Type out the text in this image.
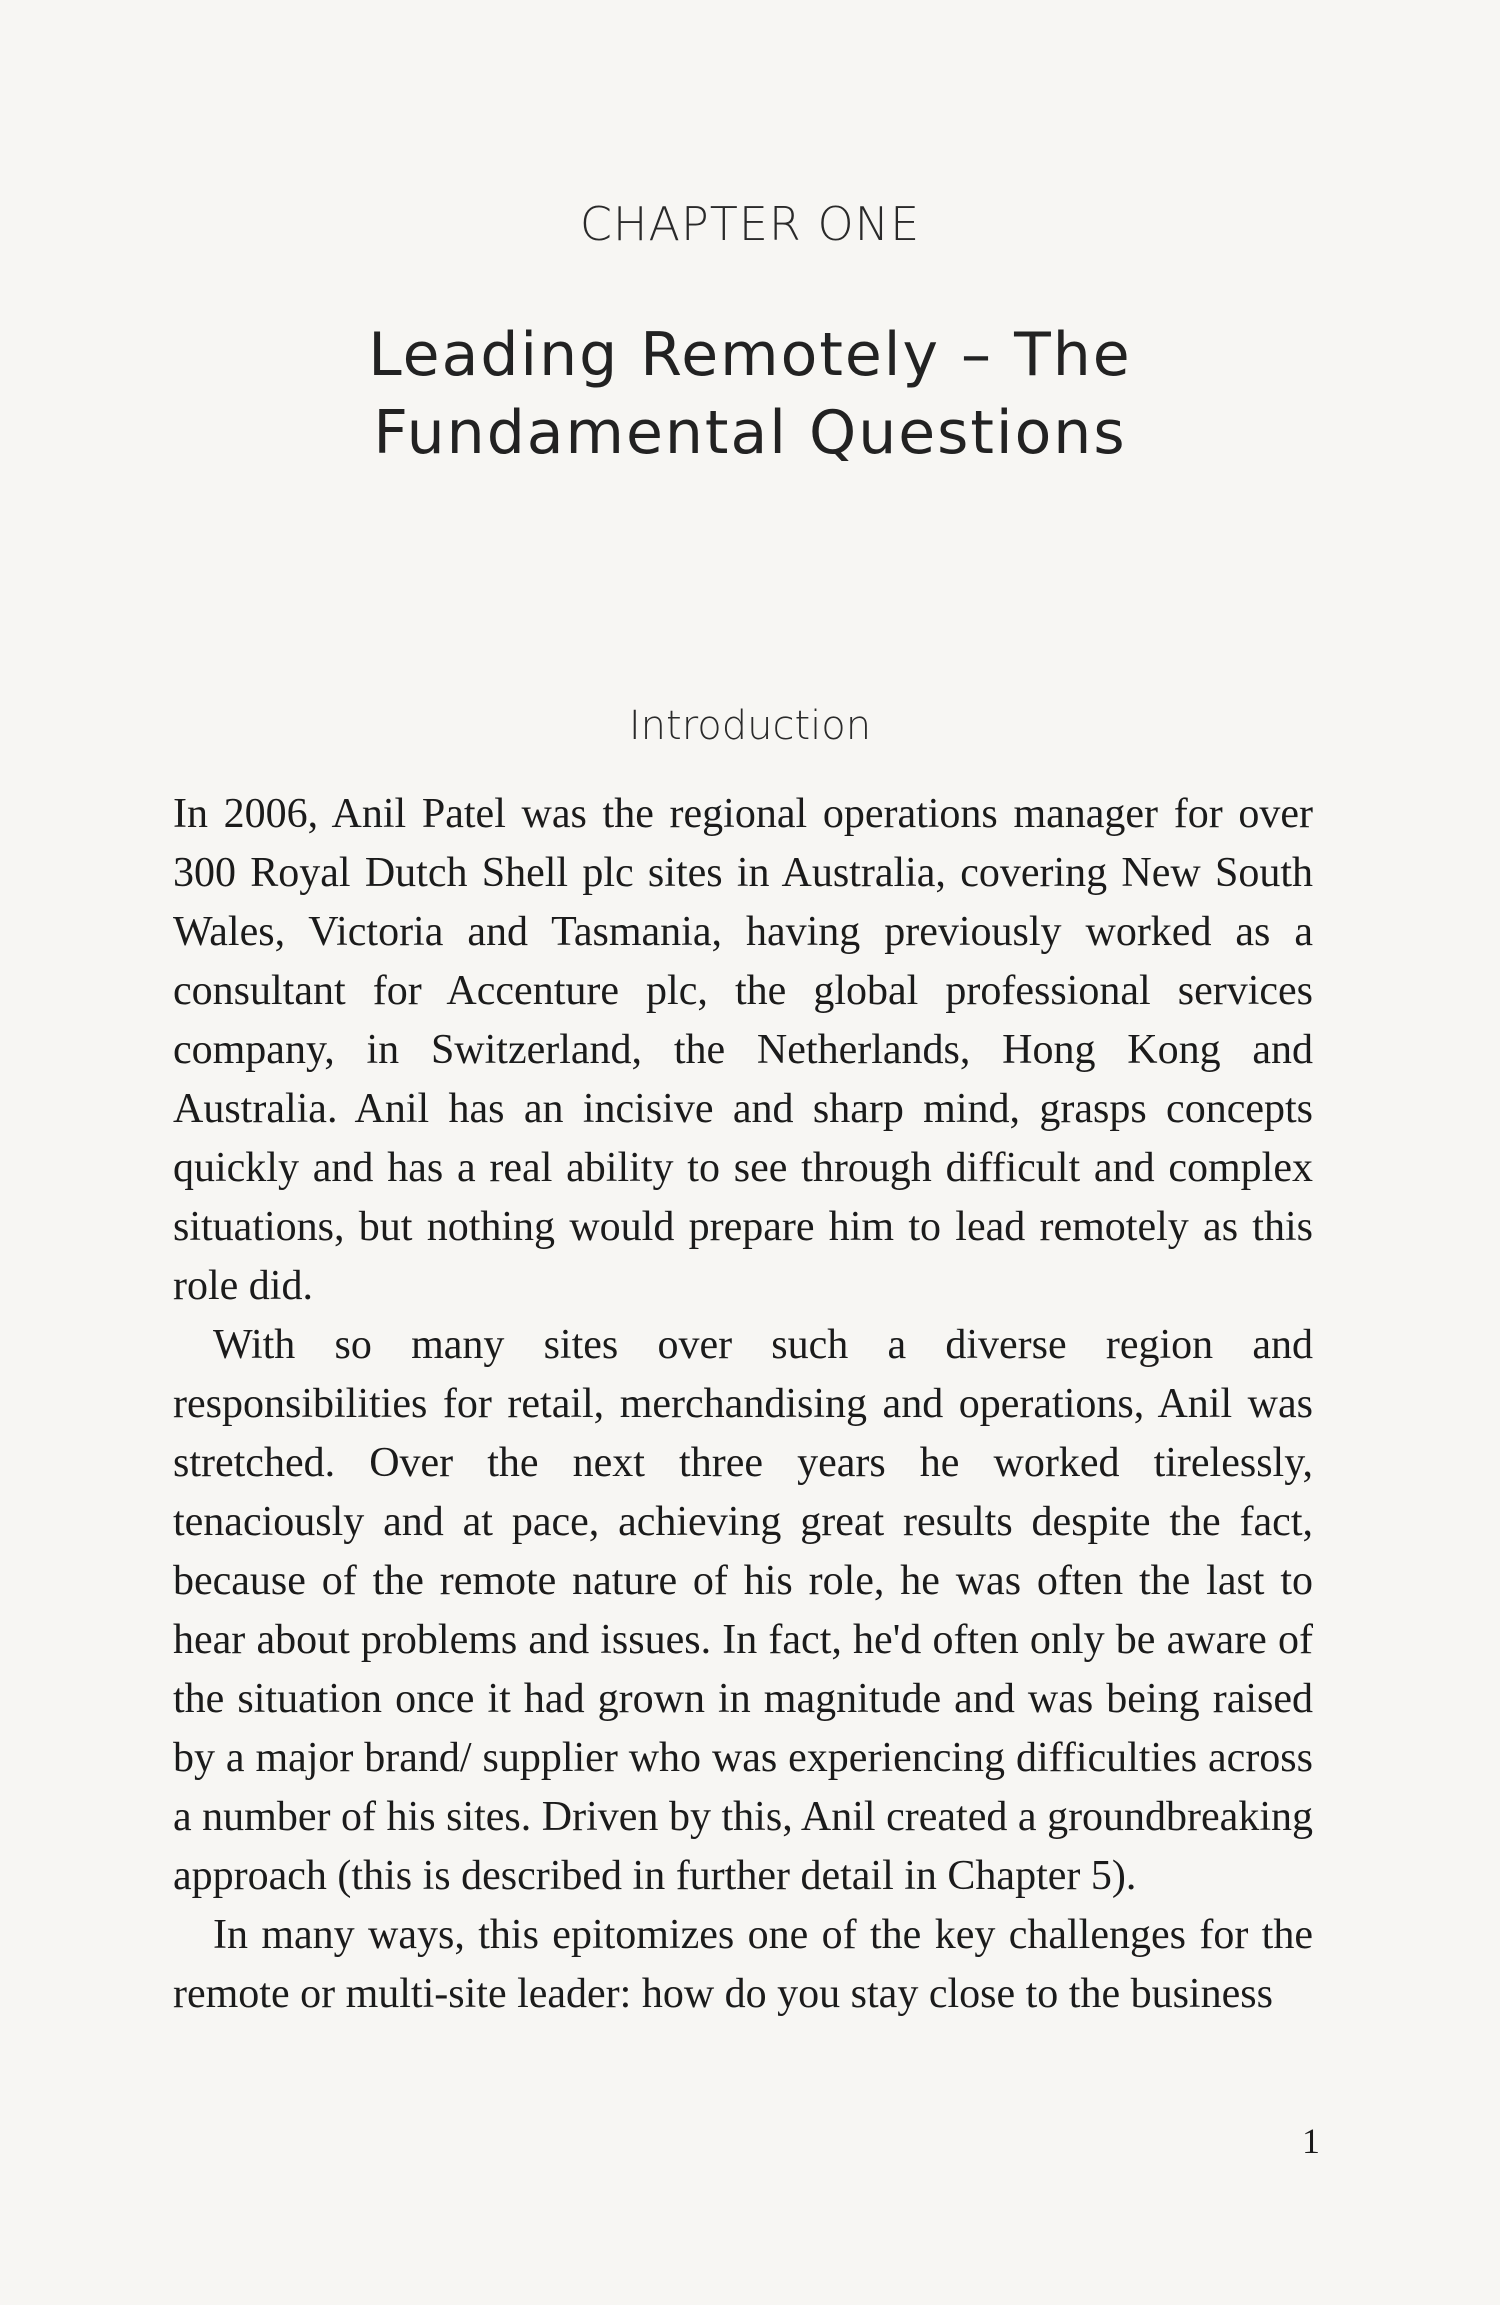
CHAPTER ONE
Leading Remotely – The
Fundamental Questions
Introduction

In 2006, Anil Patel was the regional operations manager for over 300 Royal Dutch Shell plc sites in Australia, covering New South Wales, Victoria and Tasmania, having previously worked as a consultant for Accenture plc, the global professional services company, in Switzerland, the Netherlands, Hong Kong and Australia. Anil has an incisive and sharp mind, grasps concepts quickly and has a real ability to see through difficult and complex situations, but nothing would prepare him to lead remotely as this role did.

With so many sites over such a diverse region and responsibilities for retail, merchandising and operations, Anil was stretched. Over the next three years he worked tirelessly, tenaciously and at pace, achieving great results despite the fact, because of the remote nature of his role, he was often the last to hear about problems and issues. In fact, he'd often only be aware of the situation once it had grown in magnitude and was being raised by a major brand/ supplier who was experiencing difficulties across a number of his sites. Driven by this, Anil created a groundbreaking approach (this is described in further detail in Chapter 5).

In many ways, this epitomizes one of the key challenges for the remote or multi-site leader: how do you stay close to the business

1
